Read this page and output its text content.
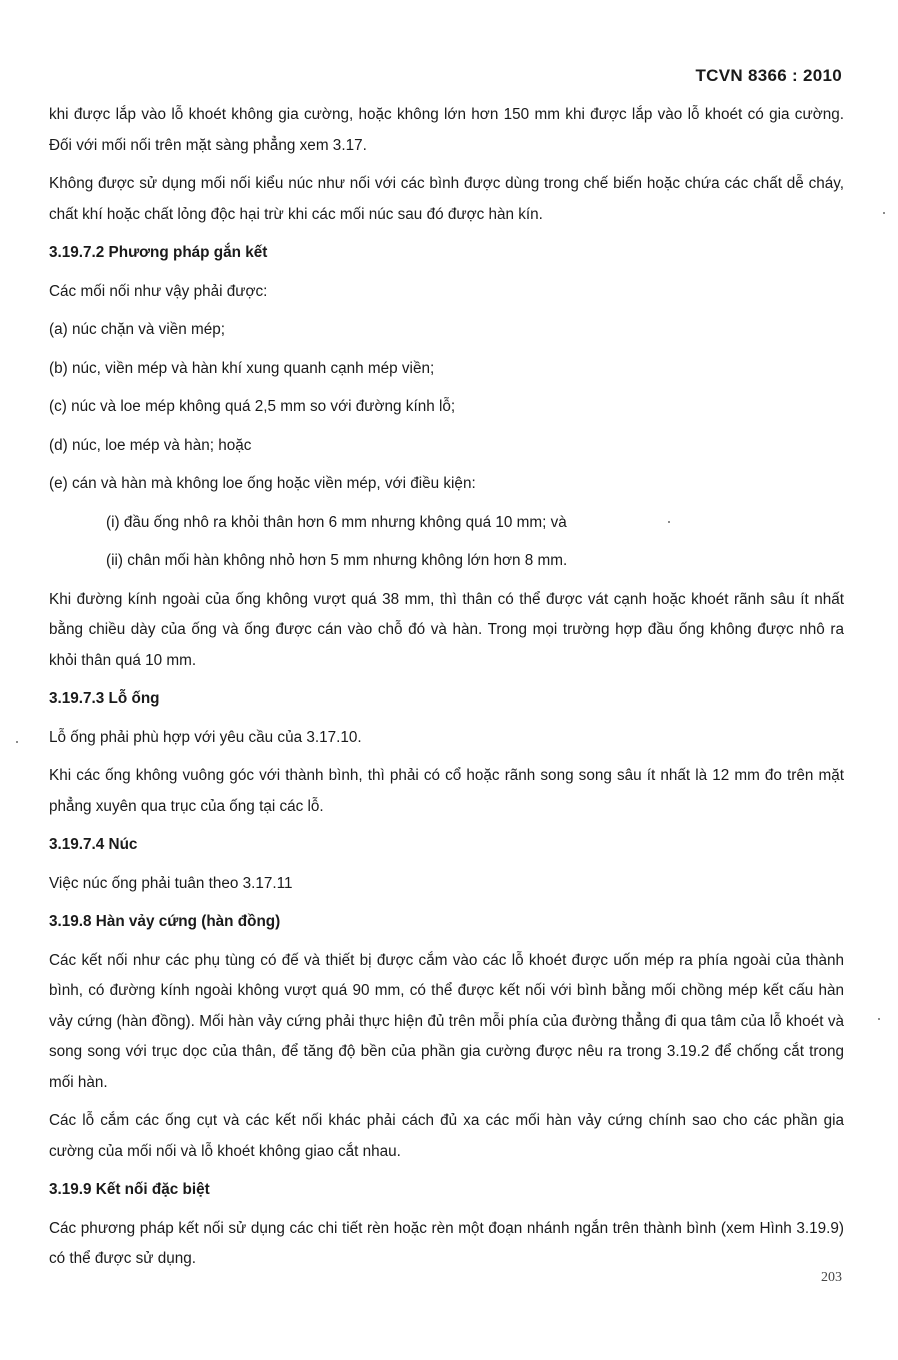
TCVN 8366 : 2010

khi được lắp vào lỗ khoét không gia cường, hoặc không lớn hơn 150 mm khi được lắp vào lỗ khoét có gia cường. Đối với mối nối trên mặt sàng phẳng xem 3.17.

Không được sử dụng mối nối kiểu núc như nối với các bình được dùng trong chế biến hoặc chứa các chất dễ cháy, chất khí hoặc chất lỏng độc hại trừ khi các mối núc sau đó được hàn kín.

3.19.7.2 Phương pháp gắn kết

Các mối nối như vậy phải được:

(a) núc chặn và viền mép;

(b) núc, viền mép và hàn khí xung quanh cạnh mép viền;

(c) núc và loe mép không quá 2,5 mm so với đường kính lỗ;

(d) núc, loe mép và hàn; hoặc

(e) cán và hàn mà không loe ống hoặc viền mép, với điều kiện:

(i) đầu ống nhô ra khỏi thân hơn 6 mm nhưng không quá 10 mm; và

(ii) chân mối hàn không nhỏ hơn 5 mm nhưng không lớn hơn 8 mm.

Khi đường kính ngoài của ống không vượt quá 38 mm, thì thân có thể được vát cạnh hoặc khoét rãnh sâu ít nhất bằng chiều dày của ống và ống được cán vào chỗ đó và hàn. Trong mọi trường hợp đầu ống không được nhô ra khỏi thân quá 10 mm.

3.19.7.3 Lỗ ống

Lỗ ống phải phù hợp với yêu cầu của 3.17.10.

Khi các ống không vuông góc với thành bình, thì phải có cổ hoặc rãnh song song sâu ít nhất là 12 mm đo trên mặt phẳng xuyên qua trục của ống tại các lỗ.

3.19.7.4 Núc

Việc núc ống phải tuân theo 3.17.11

3.19.8 Hàn vảy cứng (hàn đồng)

Các kết nối như các phụ tùng có đế và thiết bị được cắm vào các lỗ khoét được uốn mép ra phía ngoài của thành bình, có đường kính ngoài không vượt quá 90 mm, có thể được kết nối với bình bằng mối chồng mép kết cấu hàn vảy cứng (hàn đồng). Mối hàn vảy cứng phải thực hiện đủ trên mỗi phía của đường thẳng đi qua tâm của lỗ khoét và song song với trục dọc của thân, để tăng độ bền của phần gia cường được nêu ra trong 3.19.2 để chống cắt trong mối hàn.

Các lỗ cắm các ống cụt và các kết nối khác phải cách đủ xa các mối hàn vảy cứng chính sao cho các phần gia cường của mối nối và lỗ khoét không giao cắt nhau.

3.19.9 Kết nối đặc biệt

Các phương pháp kết nối sử dụng các chi tiết rèn hoặc rèn một đoạn nhánh ngắn trên thành bình (xem Hình 3.19.9) có thể được sử dụng.

203
